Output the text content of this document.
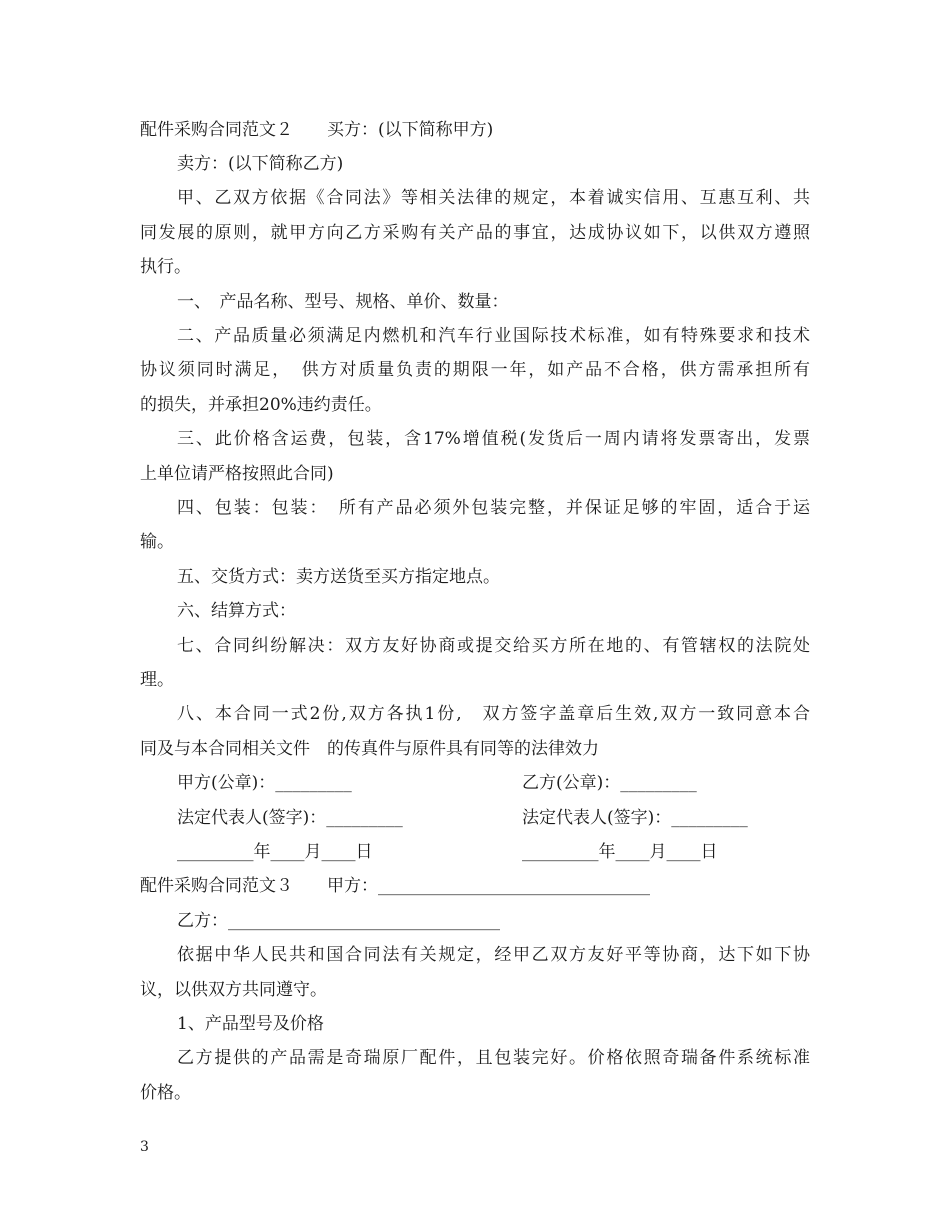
配件采购合同范文２　　买方：(以下简称甲方)
卖方：(以下简称乙方)
甲、乙双方依据《合同法》等相关法律的规定，本着诚实信用、互惠互利、共
同发展的原则，就甲方向乙方采购有关产品的事宜，达成协议如下，以供双方遵照
执行。
一、　产品名称、型号、规格、单价、数量：
二、产品质量必须满足内燃机和汽车行业国际技术标准，如有特殊要求和技术
协议须同时满足，　供方对质量负责的期限一年，如产品不合格，供方需承担所有
的损失，并承担20%违约责任。
三、此价格含运费，包装，含17%增值税(发货后一周内请将发票寄出，发票
上单位请严格按照此合同)
四、包装：包装：　所有产品必须外包装完整，并保证足够的牢固，适合于运
输。
五、交货方式：卖方送货至买方指定地点。
六、结算方式：
七、合同纠纷解决：双方友好协商或提交给买方所在地的、有管辖权的法院处
理。
八、本合同一式2份,双方各执1份,　双方签字盖章后生效,双方一致同意本合
同及与本合同相关文件　的传真件与原件具有同等的法律效力
甲方(公章)：_________	乙方(公章)：_________
法定代表人(签字)：_________	法定代表人(签字)：_________
_________年____月____日	_________年____月____日
配件采购合同范文３　　甲方：________________________________
乙方：________________________________
依据中华人民共和国合同法有关规定，经甲乙双方友好平等协商，达下如下协
议，以供双方共同遵守。
1、产品型号及价格
乙方提供的产品需是奇瑞原厂配件，且包装完好。价格依照奇瑞备件系统标准
价格。
3
